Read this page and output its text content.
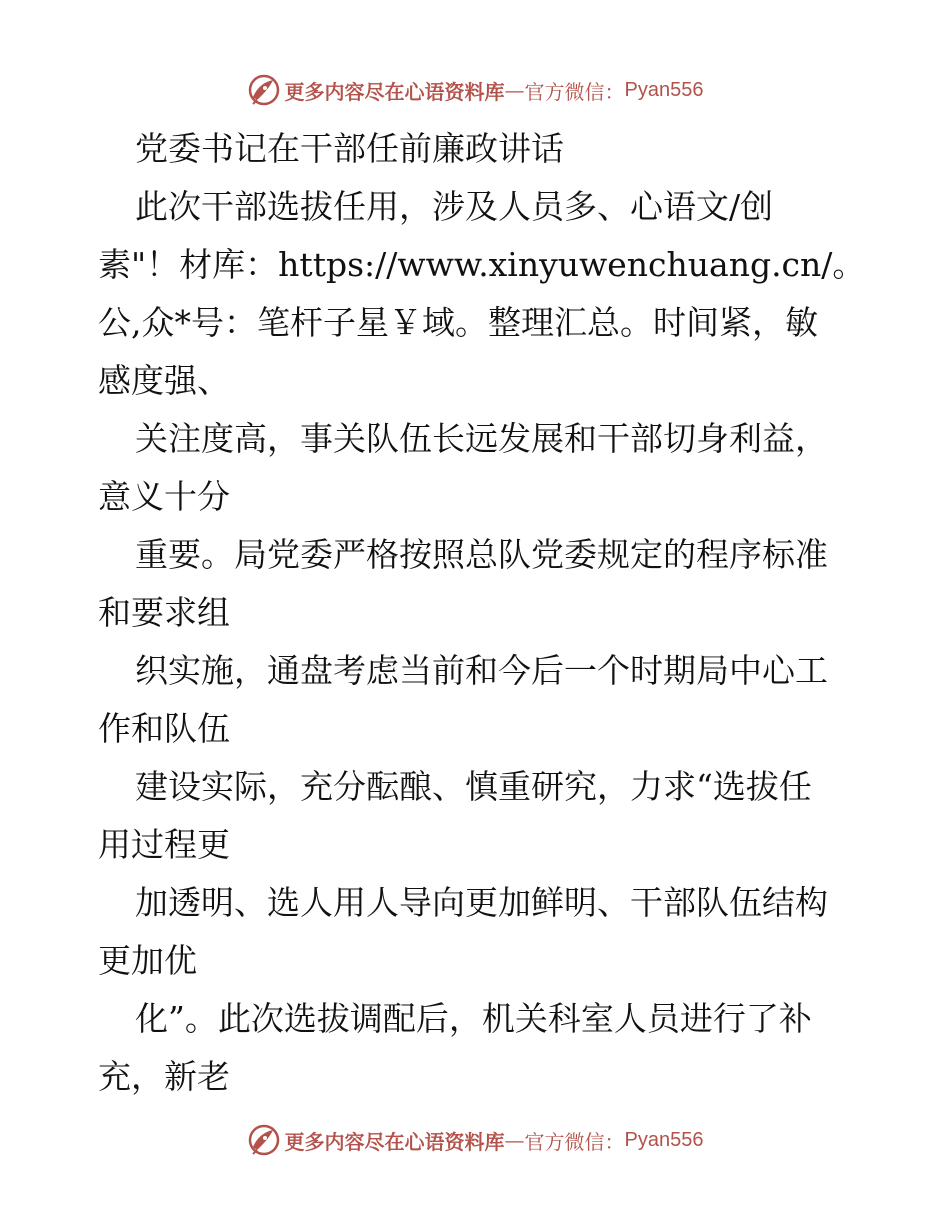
更多内容尽在心语资料库 — 官方微信： Pyan556
党委书记在干部任前廉政讲话
此次干部选拔任用，涉及人员多、心语文/创
素"！材库：https://www.xinyuwenchuang.cn/。
公,众*号：笔杆子星￥域。整理汇总。时间紧，敏
感度强、
关注度高，事关队伍长远发展和干部切身利益，
意义十分
重要。局党委严格按照总队党委规定的程序标准
和要求组
织实施，通盘考虑当前和今后一个时期局中心工
作和队伍
建设实际，充分酝酿、慎重研究，力求“选拔任
用过程更
加透明、选人用人导向更加鲜明、干部队伍结构
更加优
化”。此次选拔调配后，机关科室人员进行了补
充，新老
更多内容尽在心语资料库 — 官方微信： Pyan556
